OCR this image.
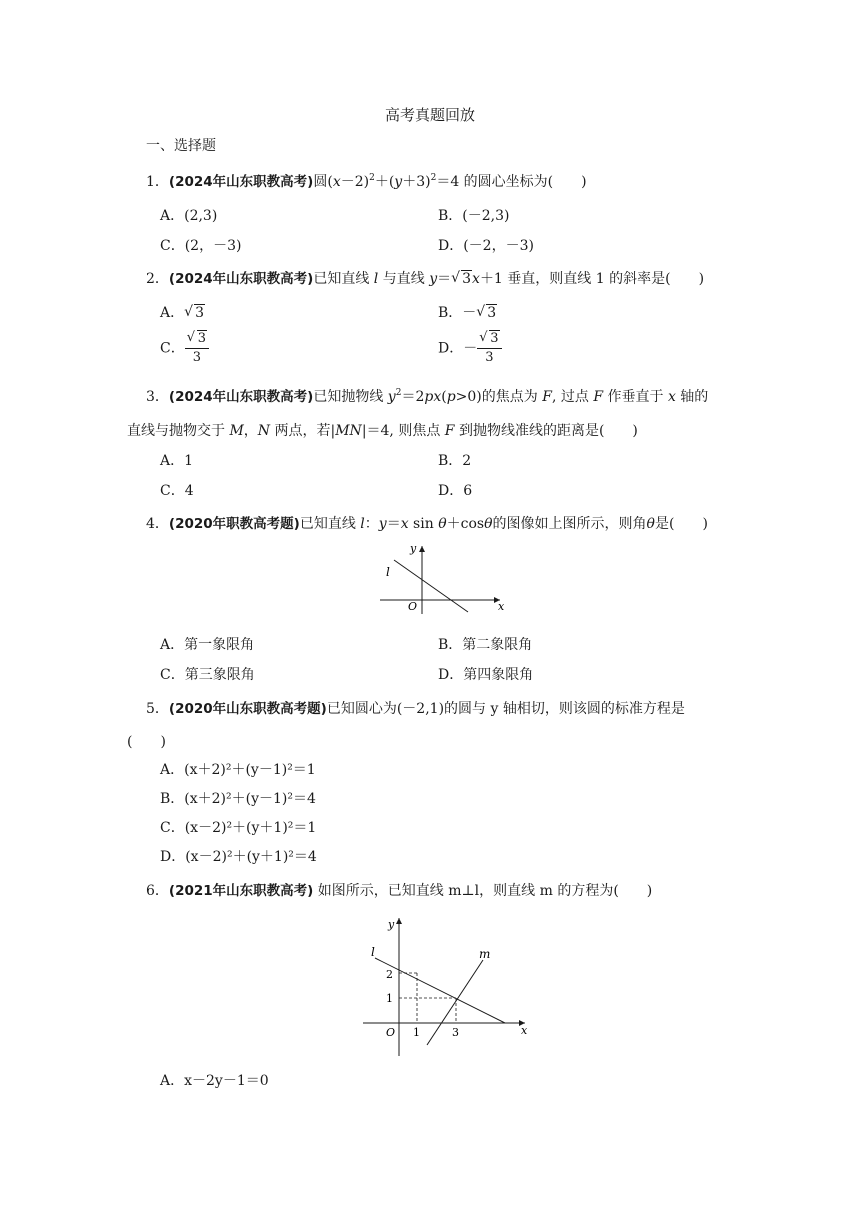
高考真题回放
一、选择题
1．(2024年山东职教高考)圆$(x-2)^2+(y+3)^2=4$ 的圆心坐标为(　　)
A．(2,3)	B．(－2,3)
C．(2，－3)	D．(－2，－3)
2．(2024年山东职教高考)已知直线 l 与直线 y＝ √ 3x＋1 垂直，则直线 1 的斜率是(　　)
A． √ 3	B．－ √ 3
C． √ $\frac{3}{3}$	D．－ √ $\frac{3}{3}$
3．(2024年山东职教高考)已知抛物线 $y^2=2px(p>0)$的焦点为 F, 过点 F 作垂直于 x 轴的
直线与抛物交于 M，N 两点，若|MN|＝4, 则焦点 F 到抛物线准线的距离是(　　)
A．1	B．2
C．4	D．6
4．(2020年职教高考题)已知直线 l：y＝x sin θ＋cosθ的图像如上图所示，则角θ是(　　)
x
y
O
l
A．第一象限角	B．第二象限角
C．第三象限角	D．第四象限角
5．(2020年山东职教高考题)已知圆心为(－2,1)的圆与 y 轴相切，则该圆的标准方程是
(　　)
A．(x＋2)²＋(y－1)²＝1
B．(x＋2)²＋(y－1)²＝4
C．(x－2)²＋(y＋1)²＝1
D．(x－2)²＋(y＋1)²＝4
6．(2021年山东职教高考) 如图所示，已知直线 m⊥l，则直线 m 的方程为(　　)
x
y
O
l	m
2
1
1	3
A．x－2y－1＝0
